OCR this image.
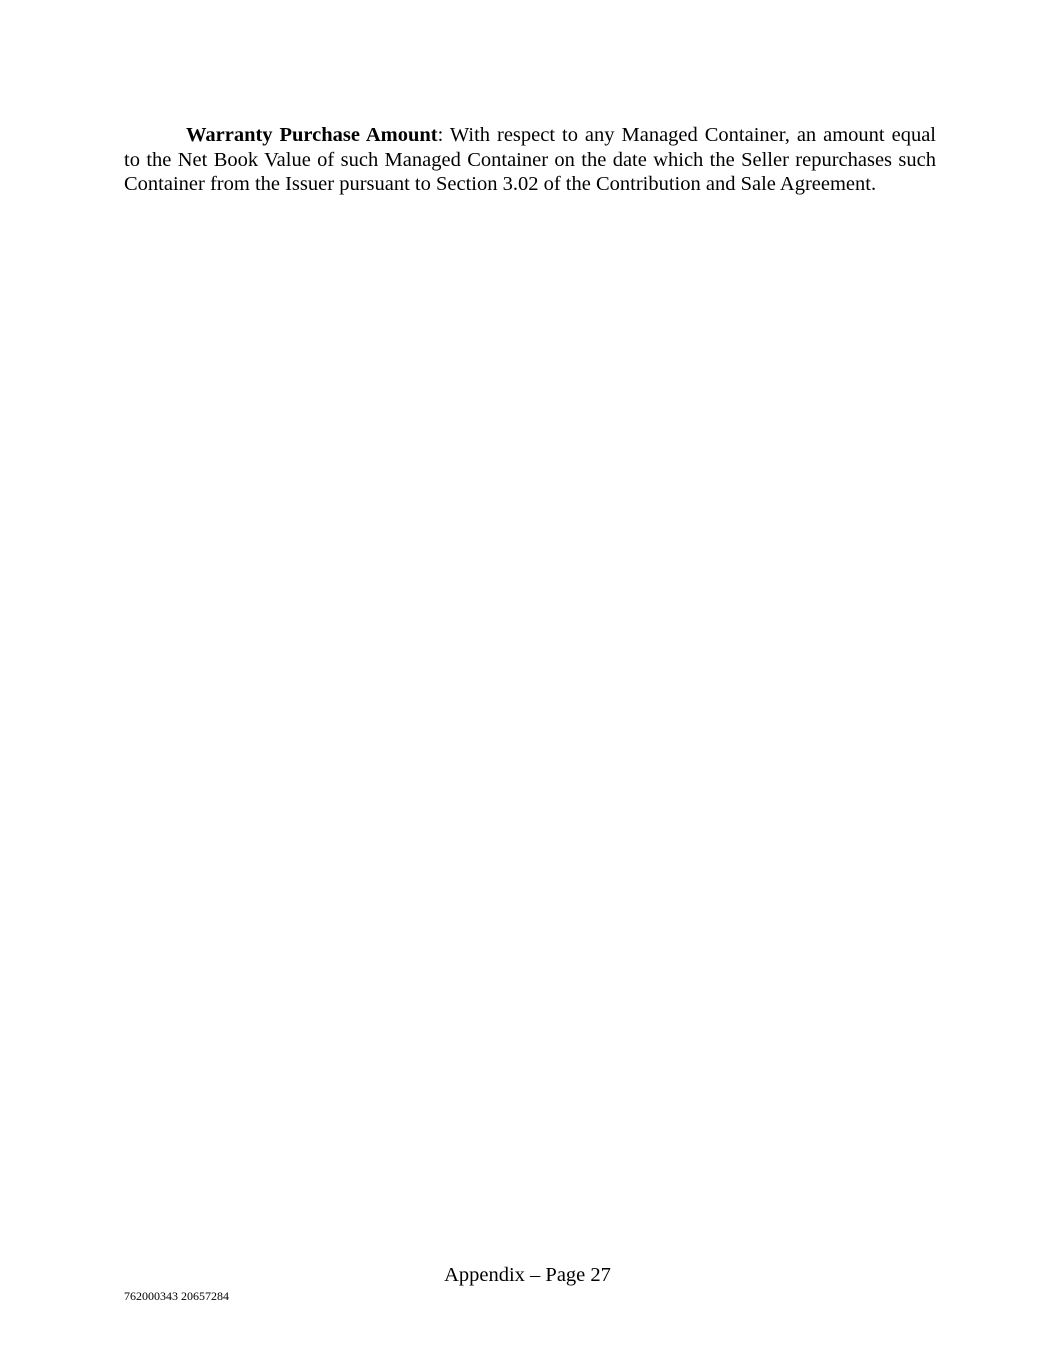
Warranty Purchase Amount: With respect to any Managed Container, an amount equal to the Net Book Value of such Managed Container on the date which the Seller repurchases such Container from the Issuer pursuant to Section 3.02 of the Contribution and Sale Agreement.

Appendix – Page 27

762000343 20657284
